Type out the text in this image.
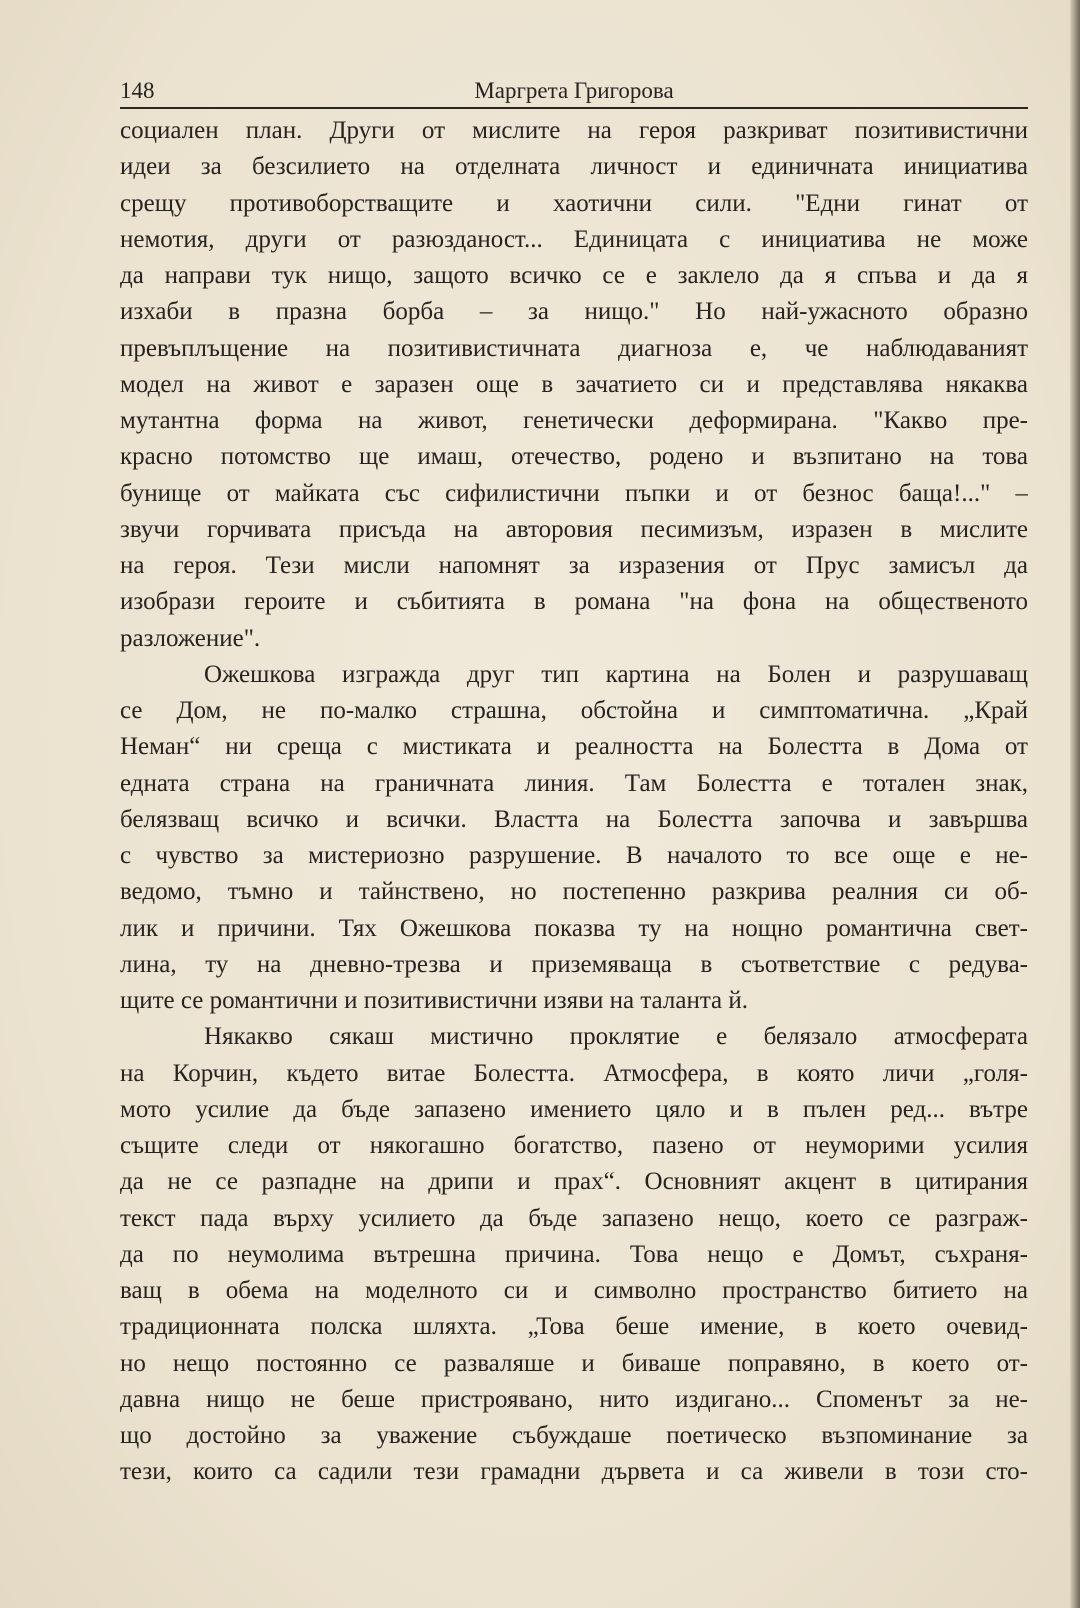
148	Маргрета Григорова
социален план. Други от мислите на героя разкриват позитивистични
идеи за безсилието на отделната личност и единичната инициатива
срещу противоборстващите и хаотични сили. "Едни гинат от
немотия, други от разюзданост... Единицата с инициатива не може
да направи тук нищо, защото всичко се е заклело да я спъва и да я
изхаби в празна борба – за нищо." Но най-ужасното образно
превъплъщение на позитивистичната диагноза е, че наблюдаваният
модел на живот е заразен още в зачатието си и представлява някаква
мутантна форма на живот, генетически деформирана. "Какво пре-
красно потомство ще имаш, отечество, родено и възпитано на това
бунище от майката със сифилистични пъпки и от безнос баща!..." –
звучи горчивата присъда на авторовия песимизъм, изразен в мислите
на героя. Тези мисли напомнят за изразения от Прус замисъл да
изобрази героите и събитията в романа "на фона на общественото
разложение".
Ожешкова изгражда друг тип картина на Болен и разрушаващ
се Дом, не по-малко страшна, обстойна и симптоматична. „Край
Неман“ ни среща с мистиката и реалността на Болестта в Дома от
едната страна на граничната линия. Там Болестта е тотален знак,
белязващ всичко и всички. Властта на Болестта започва и завършва
с чувство за мистериозно разрушение. В началото то все още е не-
ведомо, тъмно и тайнствено, но постепенно разкрива реалния си об-
лик и причини. Тях Ожешкова показва ту на нощно романтична свет-
лина, ту на дневно-трезва и приземяваща в съответствие с редува-
щите се романтични и позитивистични изяви на таланта й.
Някакво сякаш мистично проклятие е белязало атмосферата
на Корчин, където витае Болестта. Атмосфера, в която личи „голя-
мото усилие да бъде запазено имението цяло и в пълен ред... вътре
същите следи от някогашно богатство, пазено от неуморими усилия
да не се разпадне на дрипи и прах“. Основният акцент в цитирания
текст пада върху усилието да бъде запазено нещо, което се разграж-
да по неумолима вътрешна причина. Това нещо е Домът, съхраня-
ващ в обема на моделното си и символно пространство битието на
традиционната полска шляхта. „Това беше имение, в което очевид-
но нещо постоянно се разваляше и биваше поправяно, в което от-
давна нищо не беше пристрояванo, нито издигано... Споменът за не-
що достойно за уважение събуждаше поетическо възпоминание за
тези, които са садили тези грамадни дървета и са живели в този сто-
